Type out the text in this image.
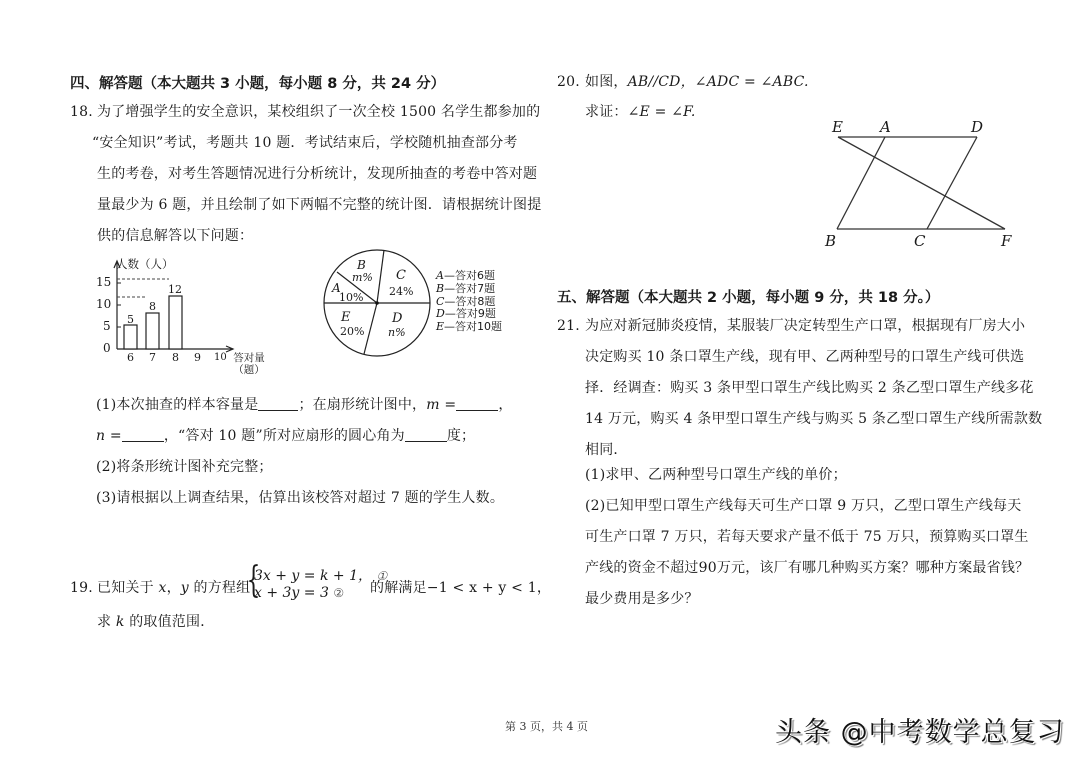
四、解答题（本大题共 3 小题，每小题 8 分，共 24 分）
18. 为了增强学生的安全意识，某校组织了一次全校 1500 名学生都参加的
“安全知识”考试，考题共 10 题．考试结束后，学校随机抽查部分考
生的考卷，对考生答题情况进行分析统计，发现所抽查的考卷中答对题
量最少为 6 题，并且绘制了如下两幅不完整的统计图．请根据统计图提
供的信息解答以下问题：
人数（人）
15
10
5
0
5
8
12
6 7 8 9 10 答对量（题）
B
m%
A
10%
C
24%
E
20%
D
n%
A—答对6题
B—答对7题
C—答对8题
D—答对9题
E—答对10题
(1)本次抽查的样本容量是	；在扇形统计图中，m =	，
n =	，“答对 10 题”所对应扇形的圆心角为	度；
(2)将条形统计图补充完整；
(3)请根据以上调查结果，估算出该校答对超过 7 题的学生人数。
19. 已知关于 x，y 的方程组
{
3x + y = k + 1， ①
x + 3y = 3 ② 的解满足−1 < x + y < 1，
求 k 的取值范围．
20. 如图，AB//CD，∠ADC = ∠ABC.
求证：∠E = ∠F.
E A	D
B	C	F
五、解答题（本大题共 2 小题，每小题 9 分，共 18 分。）
21. 为应对新冠肺炎疫情，某服装厂决定转型生产口罩，根据现有厂房大小
决定购买 10 条口罩生产线，现有甲、乙两种型号的口罩生产线可供选
择．经调查：购买 3 条甲型口罩生产线比购买 2 条乙型口罩生产线多花
14 万元，购买 4 条甲型口罩生产线与购买 5 条乙型口罩生产线所需款数
相同．
(1)求甲、乙两种型号口罩生产线的单价；
(2)已知甲型口罩生产线每天可生产口罩 9 万只，乙型口罩生产线每天
可生产口罩 7 万只，若每天要求产量不低于 75 万只，预算购买口罩生
产线的资金不超过90万元，该厂有哪几种购买方案？哪种方案最省钱？
最少费用是多少？
第 3 页，共 4 页	头条 @中考数学总复习
